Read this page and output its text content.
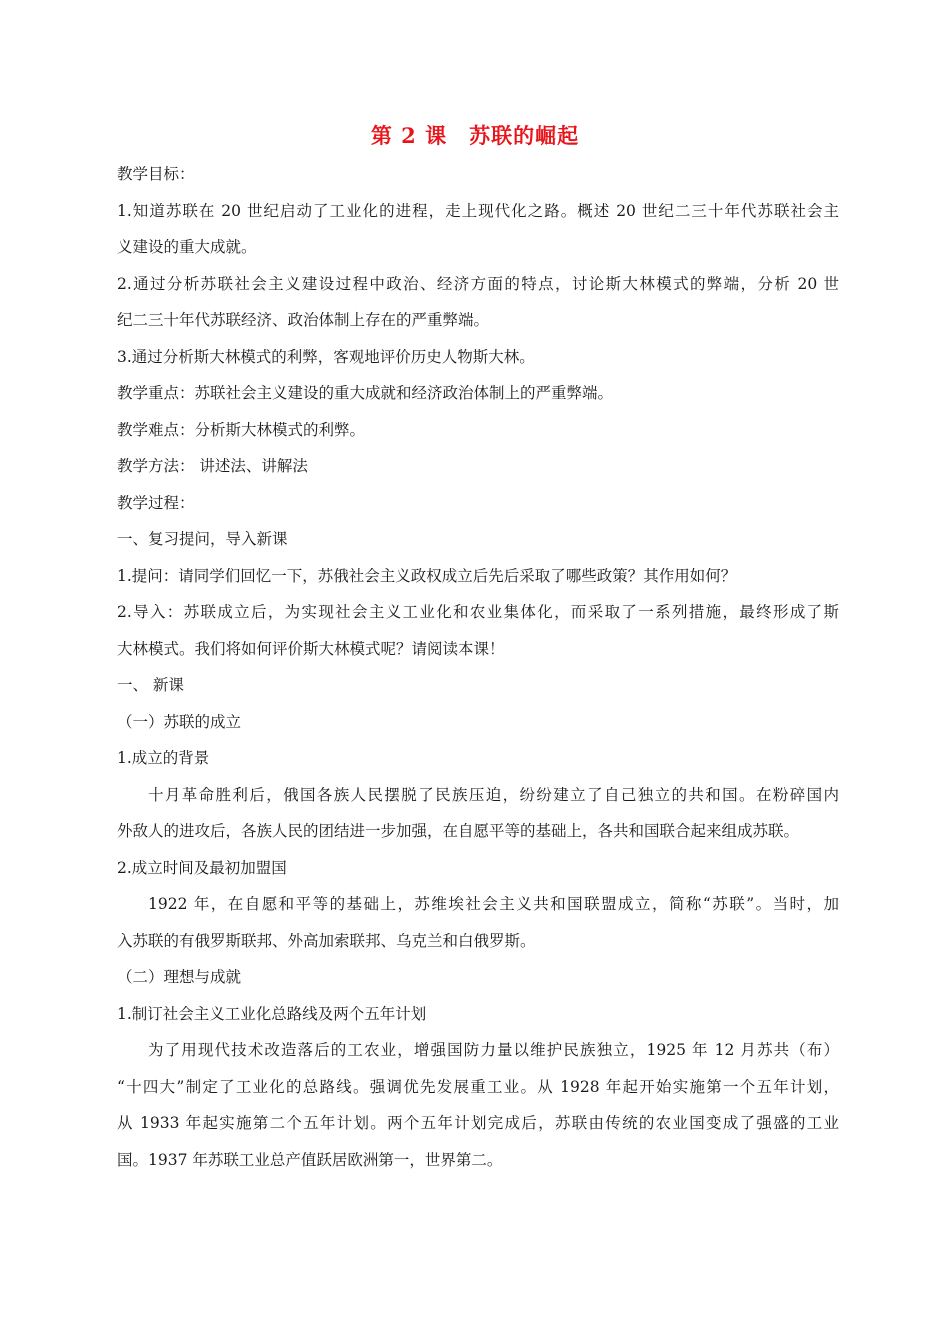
第 2 课　苏联的崛起
教学目标：
1.知道苏联在 20 世纪启动了工业化的进程，走上现代化之路。概述 20 世纪二三十年代苏联社会主
义建设的重大成就。
2.通过分析苏联社会主义建设过程中政治、经济方面的特点，讨论斯大林模式的弊端，分析 20 世
纪二三十年代苏联经济、政治体制上存在的严重弊端。
3.通过分析斯大林模式的利弊，客观地评价历史人物斯大林。
教学重点：苏联社会主义建设的重大成就和经济政治体制上的严重弊端。
教学难点：分析斯大林模式的利弊。
教学方法： 讲述法、讲解法
教学过程：
一、复习提问，导入新课
1.提问：请同学们回忆一下，苏俄社会主义政权成立后先后采取了哪些政策？其作用如何？
2.导入：苏联成立后，为实现社会主义工业化和农业集体化，而采取了一系列措施，最终形成了斯
大林模式。我们将如何评价斯大林模式呢？请阅读本课！
一、 新课
（一）苏联的成立
1.成立的背景
十月革命胜利后，俄国各族人民摆脱了民族压迫，纷纷建立了自己独立的共和国。在粉碎国内
外敌人的进攻后，各族人民的团结进一步加强，在自愿平等的基础上，各共和国联合起来组成苏联。
2.成立时间及最初加盟国
1922 年，在自愿和平等的基础上，苏维埃社会主义共和国联盟成立，简称“苏联”。当时，加
入苏联的有俄罗斯联邦、外高加索联邦、乌克兰和白俄罗斯。
（二）理想与成就
1.制订社会主义工业化总路线及两个五年计划
为了用现代技术改造落后的工农业，增强国防力量以维护民族独立，1925 年 12 月苏共（布）
“十四大”制定了工业化的总路线。强调优先发展重工业。从 1928 年起开始实施第一个五年计划，
从 1933 年起实施第二个五年计划。两个五年计划完成后，苏联由传统的农业国变成了强盛的工业
国。1937 年苏联工业总产值跃居欧洲第一，世界第二。
